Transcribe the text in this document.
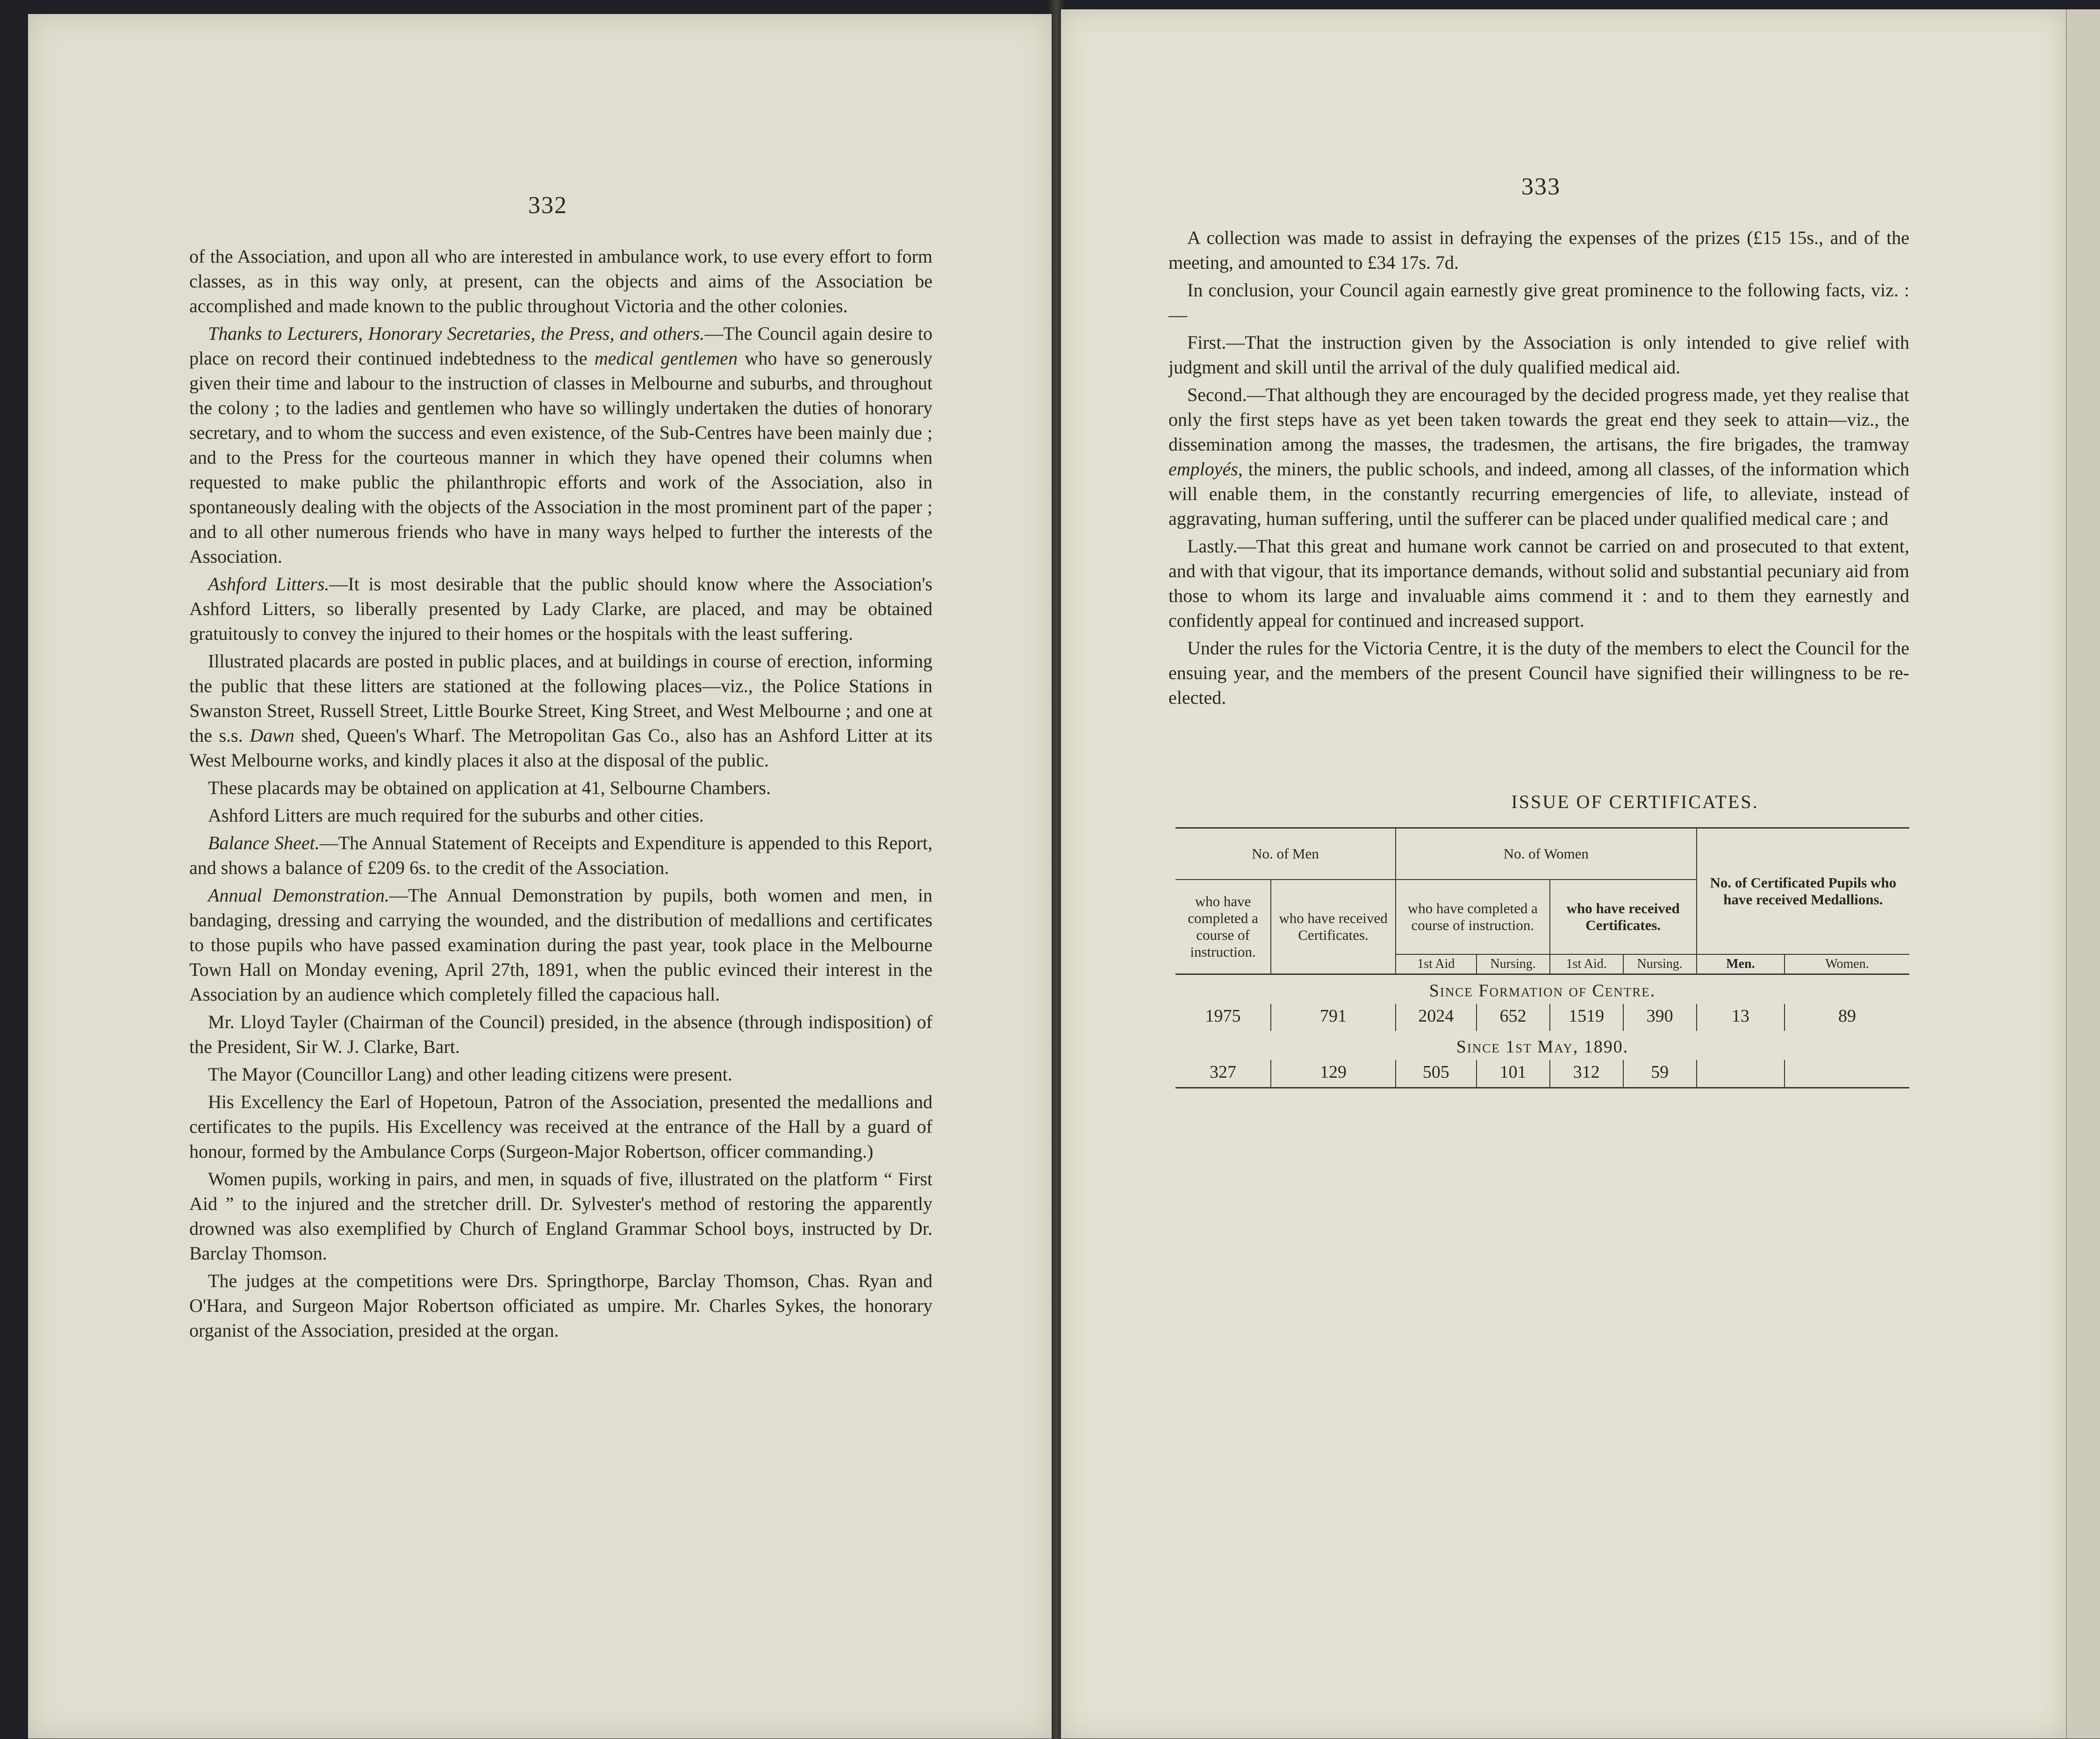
332

of the Association, and upon all who are interested in ambulance work, to use every effort to form classes, as in this way only, at present, can the objects and aims of the Association be accomplished and made known to the public throughout Victoria and the other colonies.

Thanks to Lecturers, Honorary Secretaries, the Press, and others.—The Council again desire to place on record their continued indebtedness to the medical gentlemen who have so generously given their time and labour to the instruction of classes in Melbourne and suburbs, and throughout the colony ; to the ladies and gentlemen who have so willingly undertaken the duties of honorary secretary, and to whom the success and even existence, of the Sub-Centres have been mainly due ; and to the Press for the courteous manner in which they have opened their columns when requested to make public the philanthropic efforts and work of the Association, also in spontaneously dealing with the objects of the Association in the most prominent part of the paper ; and to all other numerous friends who have in many ways helped to further the interests of the Association.

Ashford Litters.—It is most desirable that the public should know where the Association's Ashford Litters, so liberally presented by Lady Clarke, are placed, and may be obtained gratuitously to convey the injured to their homes or the hospitals with the least suffering.

Illustrated placards are posted in public places, and at buildings in course of erection, informing the public that these litters are stationed at the following places—viz., the Police Stations in Swanston Street, Russell Street, Little Bourke Street, King Street, and West Melbourne ; and one at the s.s. Dawn shed, Queen's Wharf. The Metropolitan Gas Co., also has an Ashford Litter at its West Melbourne works, and kindly places it also at the disposal of the public.

These placards may be obtained on application at 41, Selbourne Chambers.

Ashford Litters are much required for the suburbs and other cities.

Balance Sheet.—The Annual Statement of Receipts and Expenditure is appended to this Report, and shows a balance of £209 6s. to the credit of the Association.

Annual Demonstration.—The Annual Demonstration by pupils, both women and men, in bandaging, dressing and carrying the wounded, and the distribution of medallions and certificates to those pupils who have passed examination during the past year, took place in the Melbourne Town Hall on Monday evening, April 27th, 1891, when the public evinced their interest in the Association by an audience which completely filled the capacious hall.

Mr. Lloyd Tayler (Chairman of the Council) presided, in the absence (through indisposition) of the President, Sir W. J. Clarke, Bart.

The Mayor (Councillor Lang) and other leading citizens were present.

His Excellency the Earl of Hopetoun, Patron of the Association, presented the medallions and certificates to the pupils. His Excellency was received at the entrance of the Hall by a guard of honour, formed by the Ambulance Corps (Surgeon-Major Robertson, officer commanding.)

Women pupils, working in pairs, and men, in squads of five, illustrated on the platform “ First Aid ” to the injured and the stretcher drill. Dr. Sylvester's method of restoring the apparently drowned was also exemplified by Church of England Grammar School boys, instructed by Dr. Barclay Thomson.

The judges at the competitions were Drs. Springthorpe, Barclay Thomson, Chas. Ryan and O'Hara, and Surgeon Major Robertson officiated as umpire. Mr. Charles Sykes, the honorary organist of the Association, presided at the organ.

333

A collection was made to assist in defraying the expenses of the prizes (£15 15s., and of the meeting, and amounted to £34 17s. 7d.

In conclusion, your Council again earnestly give great prominence to the following facts, viz. :—

First.—That the instruction given by the Association is only intended to give relief with judgment and skill until the arrival of the duly qualified medical aid.

Second.—That although they are encouraged by the decided progress made, yet they realise that only the first steps have as yet been taken towards the great end they seek to attain—viz., the dissemination among the masses, the tradesmen, the artisans, the fire brigades, the tramway employés, the miners, the public schools, and indeed, among all classes, of the information which will enable them, in the constantly recurring emergencies of life, to alleviate, instead of aggravating, human suffering, until the sufferer can be placed under qualified medical care ; and

Lastly.—That this great and humane work cannot be carried on and prosecuted to that extent, and with that vigour, that its importance demands, without solid and substantial pecuniary aid from those to whom its large and invaluable aims commend it : and to them they earnestly and confidently appeal for continued and increased support.

Under the rules for the Victoria Centre, it is the duty of the members to elect the Council for the ensuing year, and the members of the present Council have signified their willingness to be re-elected.

ISSUE OF CERTIFICATES.
No. of Men		No. of Women				No. of Certificated Pupils who have received Medallions.	
who have completed a course of instruction.	who have received Certificates.	who have completed a course of instruction.		who have received Certificates.			
		1st Aid	Nursing.	1st Aid.	Nursing.	Men.	Women.
Since Formation of Centre.							
1975	791	2024	652	1519	390	13	89
Since 1st May, 1890.							
327	129	505	101	312	59		
